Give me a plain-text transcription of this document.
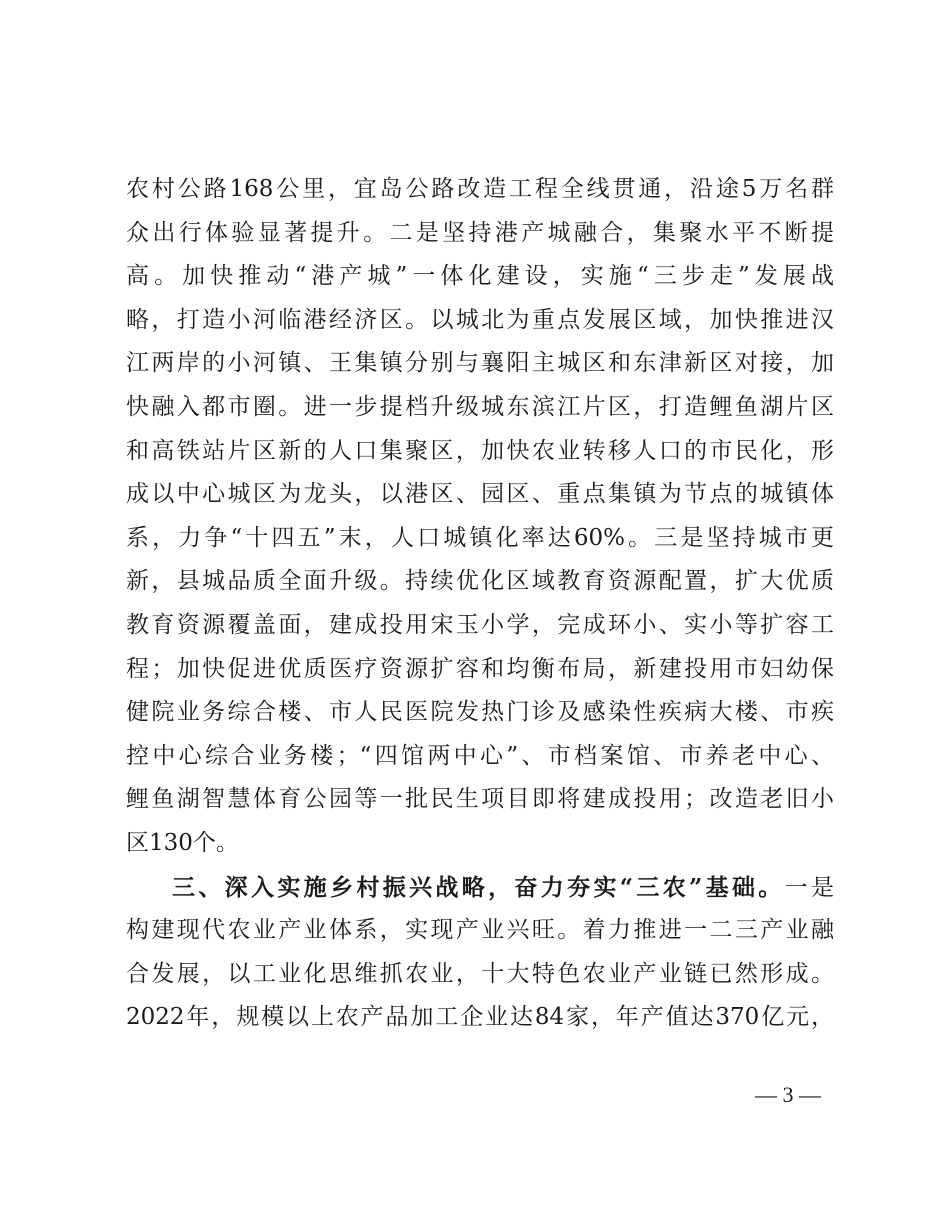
农村公路168公里，宜岛公路改造工程全线贯通，沿途5万名群
众出行体验显著提升。二是坚持港产城融合，集聚水平不断提
高。加快推动“港产城”一体化建设，实施“三步走”发展战
略，打造小河临港经济区。以城北为重点发展区域，加快推进汉
江两岸的小河镇、王集镇分别与襄阳主城区和东津新区对接，加
快融入都市圈。进一步提档升级城东滨江片区，打造鲤鱼湖片区
和高铁站片区新的人口集聚区，加快农业转移人口的市民化，形
成以中心城区为龙头，以港区、园区、重点集镇为节点的城镇体
系，力争“十四五”末，人口城镇化率达60%。三是坚持城市更
新，县城品质全面升级。持续优化区域教育资源配置，扩大优质
教育资源覆盖面，建成投用宋玉小学，完成环小、实小等扩容工
程；加快促进优质医疗资源扩容和均衡布局，新建投用市妇幼保
健院业务综合楼、市人民医院发热门诊及感染性疾病大楼、市疾
控中心综合业务楼；“四馆两中心”、市档案馆、市养老中心、
鲤鱼湖智慧体育公园等一批民生项目即将建成投用；改造老旧小
区130个。
三、深入实施乡村振兴战略，奋力夯实“三农”基础。一是
构建现代农业产业体系，实现产业兴旺。着力推进一二三产业融
合发展，以工业化思维抓农业，十大特色农业产业链已然形成。
2022年，规模以上农产品加工企业达84家，年产值达370亿元，
— 3 —
